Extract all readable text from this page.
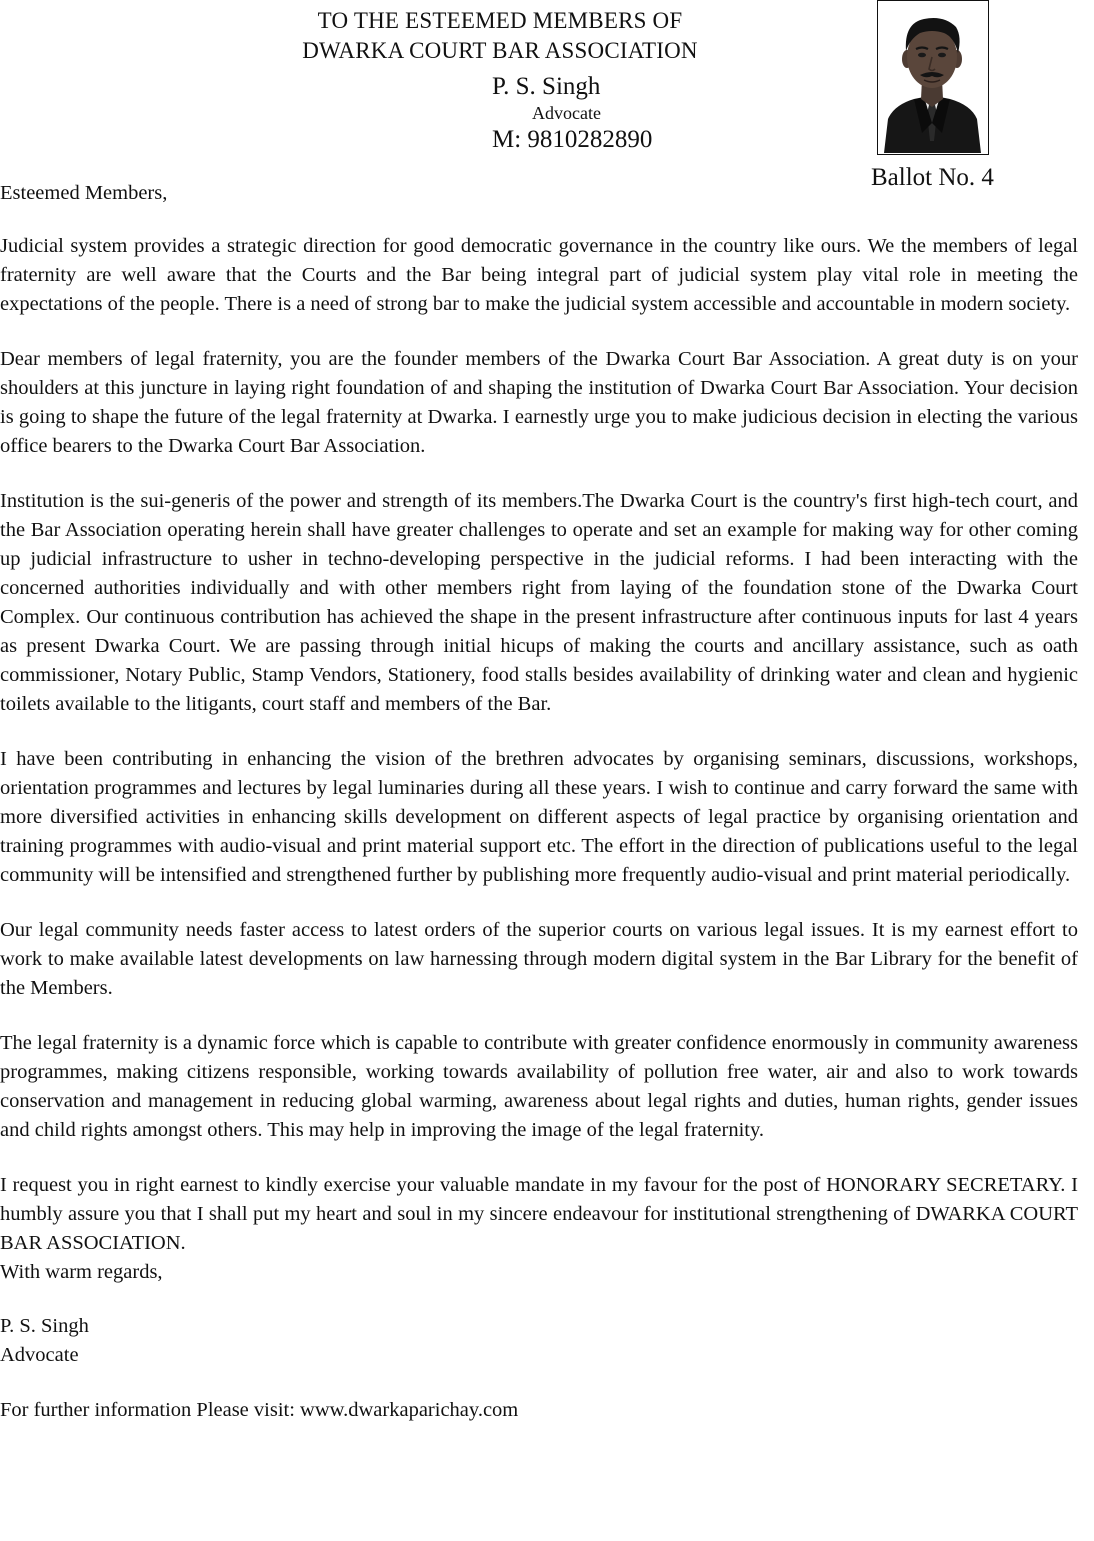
TO THE ESTEEMED MEMBERS OF
DWARKA COURT BAR ASSOCIATION
P. S. Singh
Advocate
M: 9810282890
Ballot No. 4

Esteemed Members,

Judicial system provides a strategic direction for good democratic governance in the country like ours. We the members of legal fraternity are well aware that the Courts and the Bar being integral part of judicial system play vital role in meeting the expectations of the people. There is a need of strong bar to make the judicial system accessible and accountable in modern society.

Dear members of legal fraternity, you are the founder members of the Dwarka Court Bar Association. A great duty is on your shoulders at this juncture in laying right foundation of and shaping the institution of Dwarka Court Bar Association. Your decision is going to shape the future of the legal fraternity at Dwarka. I earnestly urge you to make judicious decision in electing the various office bearers to the Dwarka Court Bar Association.

Institution is the sui-generis of the power and strength of its members.The Dwarka Court is the country's first high-tech court, and the Bar Association operating herein shall have greater challenges to operate and set an example for making way for other coming up judicial infrastructure to usher in techno-developing perspective in the judicial reforms. I had been interacting with the concerned authorities individually and with other members right from laying of the foundation stone of the Dwarka Court Complex. Our continuous contribution has achieved the shape in the present infrastructure after continuous inputs for last 4 years as present Dwarka Court. We are passing through initial hicups of making the courts and ancillary assistance, such as oath commissioner, Notary Public, Stamp Vendors, Stationery, food stalls besides availability of drinking water and clean and hygienic toilets available to the litigants, court staff and members of the Bar.

I have been contributing in enhancing the vision of the brethren advocates by organising seminars, discussions, workshops, orientation programmes and lectures by legal luminaries during all these years. I wish to continue and carry forward the same with more diversified activities in enhancing skills development on different aspects of legal practice by organising orientation and training programmes with audio-visual and print material support etc. The effort in the direction of publications useful to the legal community will be intensified and strengthened further by publishing more frequently audio-visual and print material periodically.

Our legal community needs faster access to latest orders of the superior courts on various legal issues. It is my earnest effort to work to make available latest developments on law harnessing through modern digital system in the Bar Library for the benefit of the Members.

The legal fraternity is a dynamic force which is capable to contribute with greater confidence enormously in community awareness programmes, making citizens responsible, working towards availability of pollution free water, air and also to work towards conservation and management in reducing global warming, awareness about legal rights and duties, human rights, gender issues and child rights amongst others. This may help in improving the image of the legal fraternity.

I request you in right earnest to kindly exercise your valuable mandate in my favour for the post of HONORARY SECRETARY. I humbly assure you that I shall put my heart and soul in my sincere endeavour for institutional strengthening of DWARKA COURT BAR ASSOCIATION.

With warm regards,

P. S. Singh

Advocate

For further information Please visit: www.dwarkaparichay.com
